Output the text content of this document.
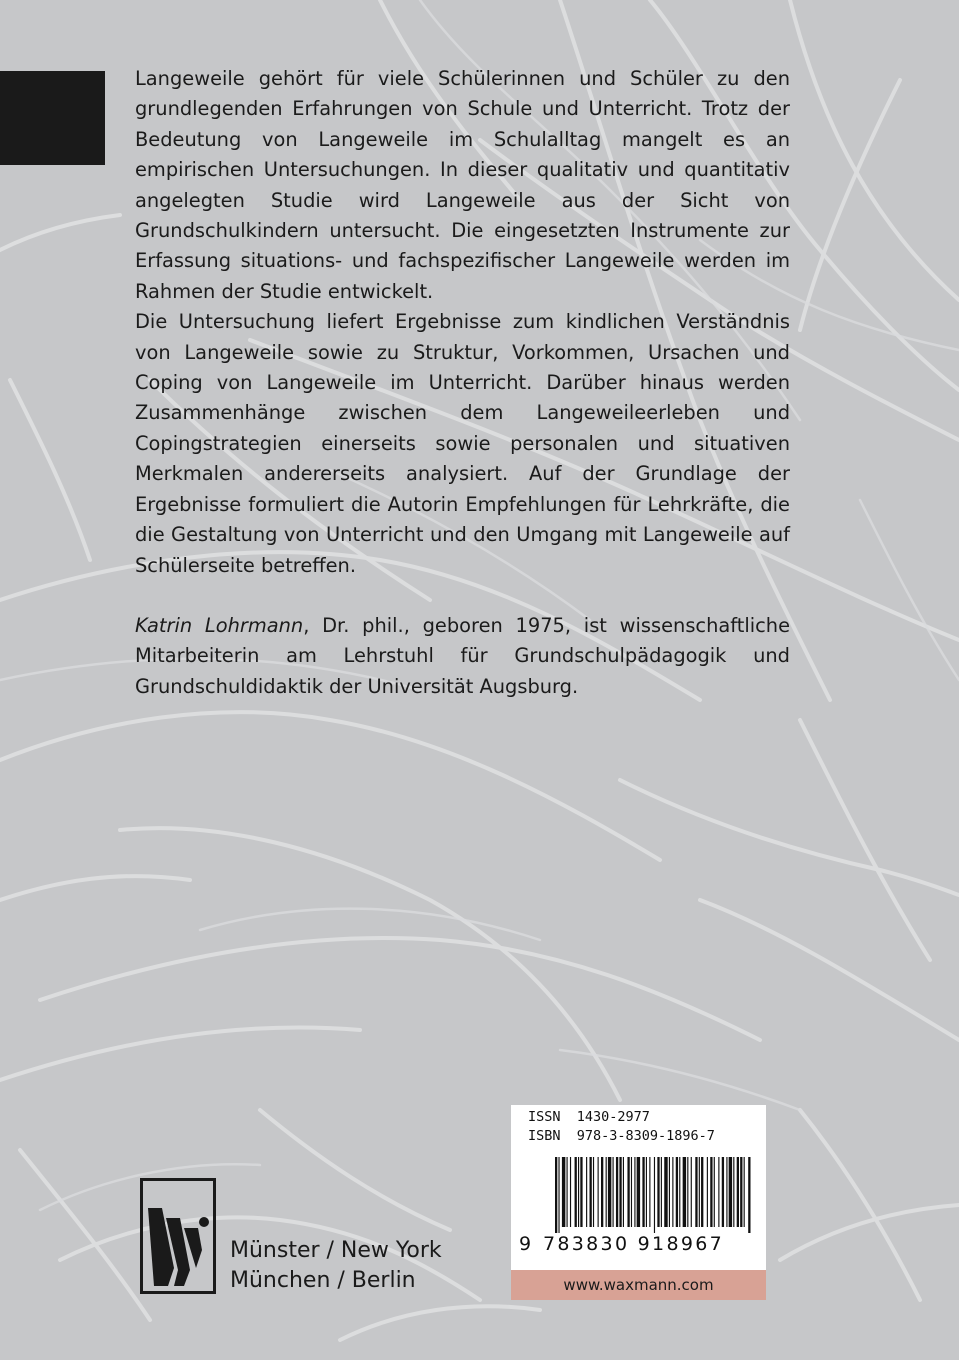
Langeweile gehört für viele Schülerinnen und Schüler zu den grundlegenden Erfahrungen von Schule und Unterricht. Trotz der Bedeutung von Langeweile im Schulalltag mangelt es an empirischen Untersuchungen. In dieser qualitativ und quantitativ angelegten Studie wird Langeweile aus der Sicht von Grundschulkindern untersucht. Die eingesetzten Instrumente zur Erfassung situations- und fachspezifischer Langeweile werden im Rahmen der Studie entwickelt.

Die Untersuchung liefert Ergebnisse zum kindlichen Verständnis von Langeweile sowie zu Struktur, Vorkommen, Ursachen und Coping von Langeweile im Unterricht. Darüber hinaus werden Zusammenhänge zwischen dem Langeweileerleben und Copingstrategien einerseits sowie personalen und situativen Merkmalen andererseits analysiert. Auf der Grundlage der Ergebnisse formuliert die Autorin Empfehlungen für Lehrkräfte, die die Gestaltung von Unterricht und den Umgang mit Langeweile auf Schülerseite betreffen.

Katrin Lohrmann, Dr. phil., geboren 1975, ist wissenschaftliche Mitarbeiterin am Lehrstuhl für Grundschulpädagogik und Grundschuldidaktik der Universität Augsburg.

Münster / New York
München / Berlin
ISSN  1430-2977
ISBN  978-3-8309-1896-7
9 783830 918967
www.waxmann.com
